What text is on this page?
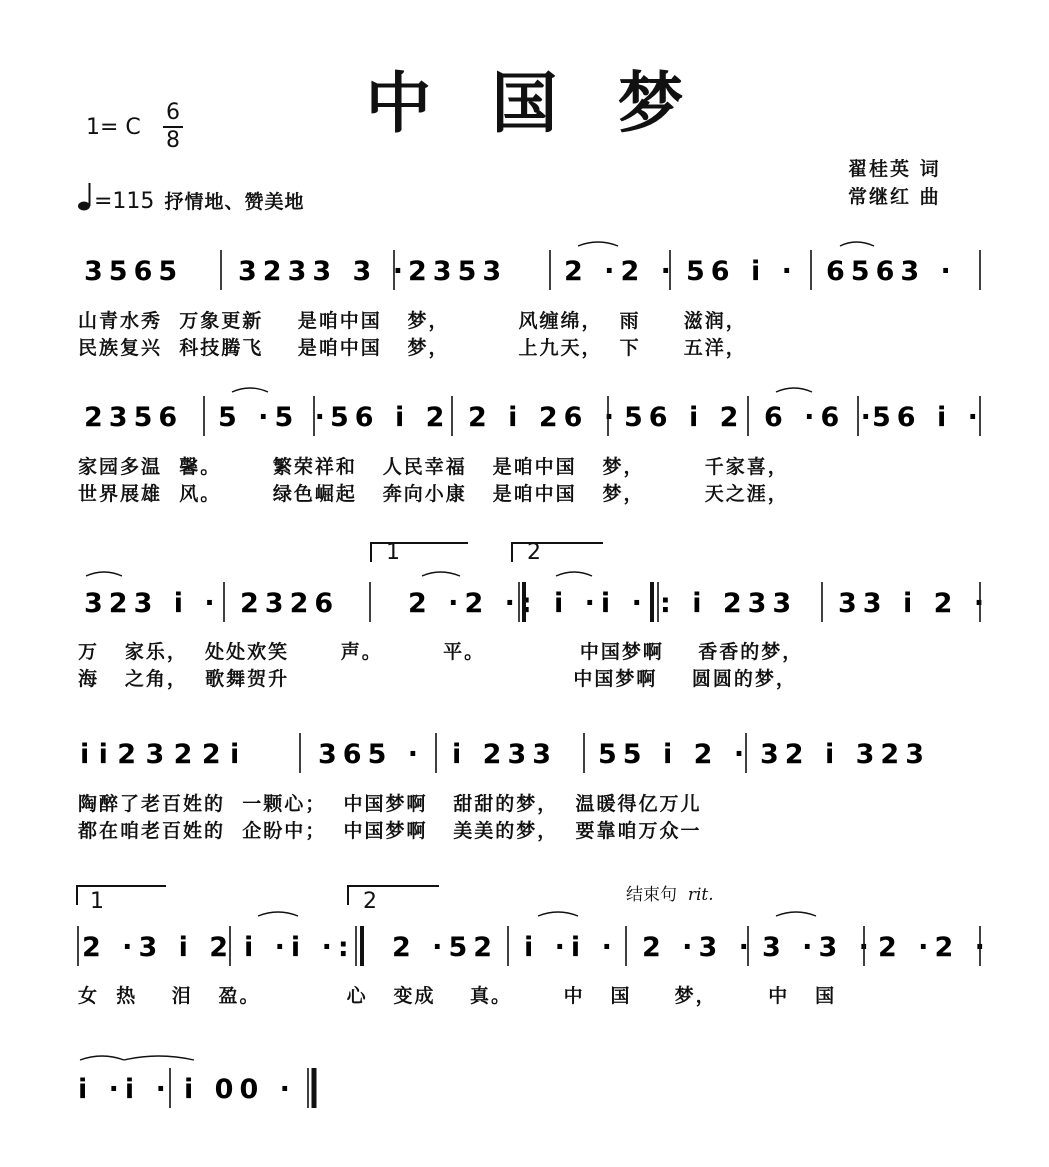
中国梦
1= C
6
8
翟桂英 词
常继红 曲
=115 抒情地、赞美地
3565 3233 3 · 2353 2 ·2 · 56 i · 6563 ·
山青水秀  万象更新    是咱中国   梦，        风缠绵，  雨     滋润，
民族复兴  科技腾飞    是咱中国   梦，        上九天，  下     五洋，
2356 5 ·5 · 56 i 2 2 i 26 · 56 i 2 6 ·6 ·
56 i ·
家园多温  馨。      繁荣祥和   人民幸福   是咱中国   梦，       千家喜，
世界展雄  风。      绿色崛起   奔向小康   是咱中国   梦，       天之涯，
1	2
323 i · 2326	2 ·2 ·: i ·i · : i 233 33 i 2 ·
万   家乐，  处处欢笑      声。       平。           中国梦啊    香香的梦，
海   之角，  歌舞贺升                                 中国梦啊    圆圆的梦，
i i 2 3 2 2 i	365 · i 233 55 i 2 · 32 i 323
陶醉了老百姓的  一颗心；  中国梦啊   甜甜的梦，  温暖得亿万儿
都在咱老百姓的  企盼中；  中国梦啊   美美的梦，  要靠咱万众一
1	2	结束句 rit.
2 ·3 i 2 i ·i ·: 2 ·52 i ·i · 2 ·3 · 3 ·3 · 2 ·2 ·
女  热    泪   盈。          心   变成    真。      中   国     梦，      中   国
i ·i · i 00 ·
